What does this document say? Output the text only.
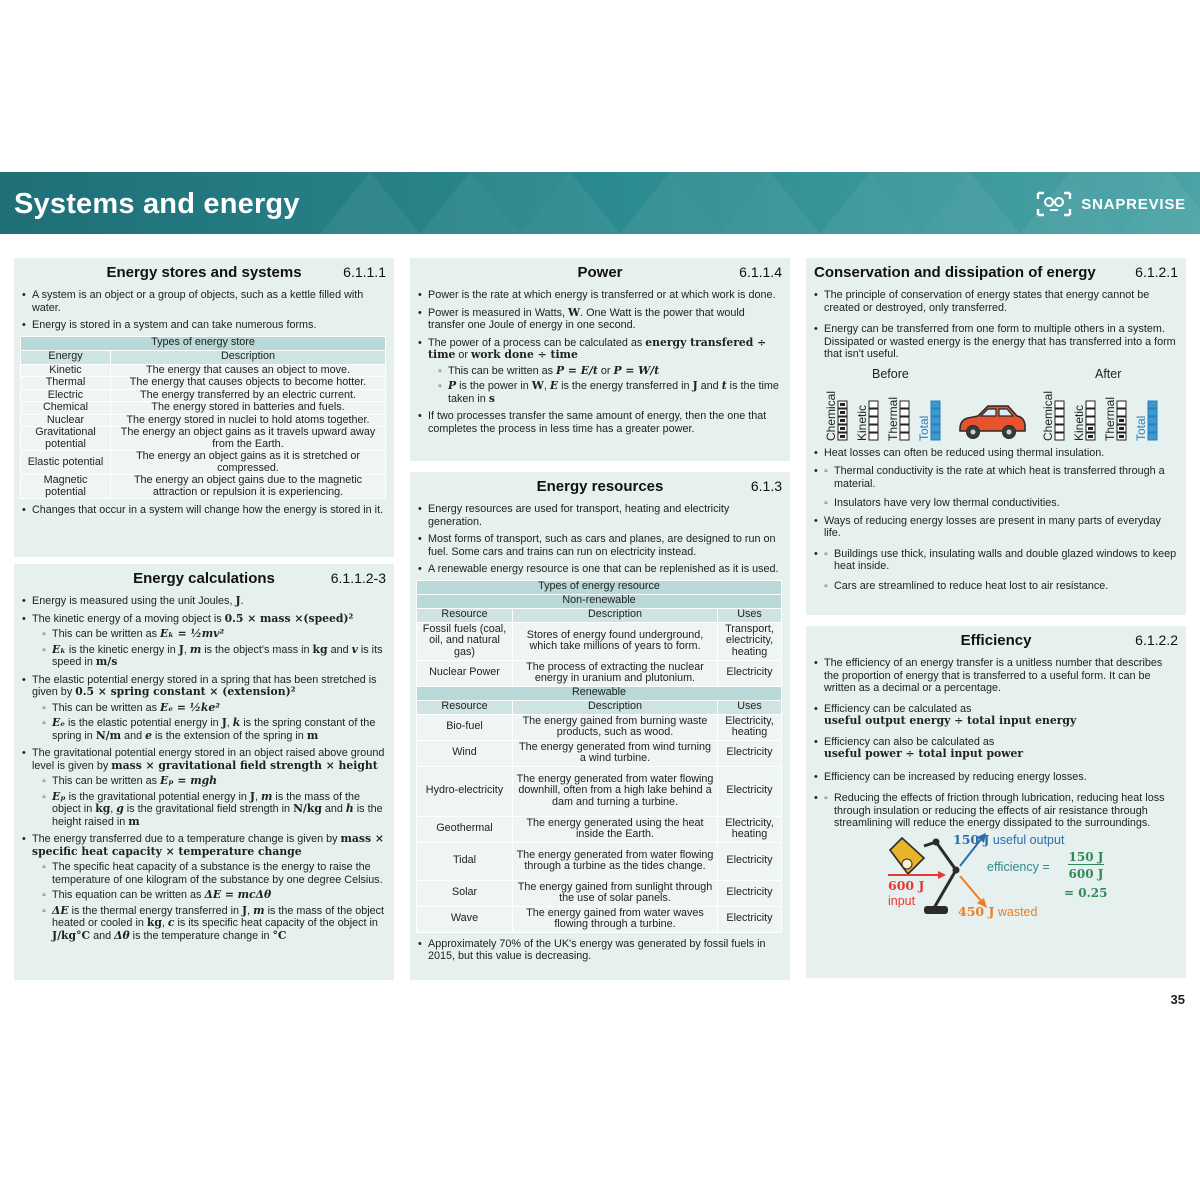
Systems and energy	SNAPREVISE
Energy stores and systems	6.1.1.1
• A system is an object or a group of objects, such as a kettle filled with water.
• Energy is stored in a system and can take numerous forms.
Types of energy store	
Energy	Description
Kinetic	The energy that causes an object to move.
Thermal	The energy that causes objects to become hotter.
Electric	The energy transferred by an electric current.
Chemical	The energy stored in batteries and fuels.
Nuclear	The energy stored in nuclei to hold atoms together.
Gravitational potential	The energy an object gains as it travels upward away from the Earth.
Elastic potential	The energy an object gains as it is stretched or compressed.
Magnetic potential	The energy an object gains due to the magnetic attraction or repulsion it is experiencing.
• Changes that occur in a system will change how the energy is stored in it.
Energy calculations	6.1.1.2-3
• Energy is measured using the unit Joules, J.
• The kinetic energy of a moving object is 0.5 × mass ×(speed)²
◦ This can be written as Eₖ = ½mv²
◦ Eₖ is the kinetic energy in J, m is the object's mass in kg and v is its speed in m/s
• The elastic potential energy stored in a spring that has been stretched is given by 0.5 × spring constant × (extension)²
◦ This can be written as Eₑ = ½ke²
◦ Eₑ is the elastic potential energy in J, k is the spring constant of the spring in N/m and e is the extension of the spring in m
• The gravitational potential energy stored in an object raised above ground level is given by mass × gravitational field strength × height
◦ This can be written as Eₚ = mgh
◦ Eₚ is the gravitational potential energy in J, m is the mass of the object in kg, g is the gravitational field strength in N/kg and h is the height raised in m
• The energy transferred due to a temperature change is given by mass × specific heat capacity × temperature change
◦ The specific heat capacity of a substance is the energy to raise the temperature of one kilogram of the substance by one degree Celsius.
◦ This equation can be written as ΔE = mcΔθ
◦ ΔE is the thermal energy transferred in J, m is the mass of the object heated or cooled in kg, c is its specific heat capacity of the object in J/kg°C and Δθ is the temperature change in °C
Power	6.1.1.4
• Power is the rate at which energy is transferred or at which work is done.
• Power is measured in Watts, W. One Watt is the power that would transfer one Joule of energy in one second.
• The power of a process can be calculated as energy transfered ÷ time or work done ÷ time
◦ This can be written as P = E/t or P = W/t
◦ P is the power in W, E is the energy transferred in J and t is the time taken in s
• If two processes transfer the same amount of energy, then the one that completes the process in less time has a greater power.
Energy resources	6.1.3
• Energy resources are used for transport, heating and electricity generation.
• Most forms of transport, such as cars and planes, are designed to run on fuel. Some cars and trains can run on electricity instead.
• A renewable energy resource is one that can be replenished as it is used.
Types of energy resource		
Non-renewable		
Resource	Description	Uses
Fossil fuels (coal, oil, and natural gas)	Stores of energy found underground, which take millions of years to form.	Transport, electricity, heating
Nuclear Power	The process of extracting the nuclear energy in uranium and plutonium.	Electricity
Renewable		
Resource	Description	Uses
Bio-fuel	The energy gained from burning waste products, such as wood.	Electricity, heating
Wind	The energy generated from wind turning a wind turbine.	Electricity
Hydro-electricity	The energy generated from water flowing downhill, often from a high lake behind a dam and turning a turbine.	Electricity
Geothermal	The energy generated using the heat inside the Earth.	Electricity, heating
Tidal	The energy generated from water flowing through a turbine as the tides change.	Electricity
Solar	The energy gained from sunlight through the use of solar panels.	Electricity
Wave	The energy gained from water waves flowing through a turbine.	Electricity
• Approximately 70% of the UK's energy was generated by fossil fuels in 2015, but this value is decreasing.
Conservation and dissipation of energy	6.1.2.1
• The principle of conservation of energy states that energy cannot be created or destroyed, only transferred.
• Energy can be transferred from one form to multiple others in a system. Dissipated or wasted energy is the energy that has transferred into a form that isn't useful.
Before	After
Chemical Kinetic Thermal Total	Chemical Kinetic Thermal Total
• Heat losses can often be reduced using thermal insulation.
◦ • Thermal conductivity is the rate at which heat is transferred through a material.
◦ Insulators have very low thermal conductivities.
• Ways of reducing energy losses are present in many parts of everyday life.
◦ • Buildings use thick, insulating walls and double glazed windows to keep heat inside.
◦ Cars are streamlined to reduce heat lost to air resistance.
Efficiency	6.1.2.2
• The efficiency of an energy transfer is a unitless number that describes the proportion of energy that is transferred to a useful form. It can be written as a decimal or a percentage.
• Efficiency can be calculated as
useful output energy ÷ total input energy
• Efficiency can also be calculated as
useful power ÷ total input power
• Efficiency can be increased by reducing energy losses.
◦ • Reducing the effects of friction through lubrication, reducing heat loss through insulation or reducing the effects of air resistance through streamlining will reduce the energy dissipated to the surroundings.
150 J useful output
600 J
input
450 J wasted
efficiency =
150 J
600 J
= 0.25
35
